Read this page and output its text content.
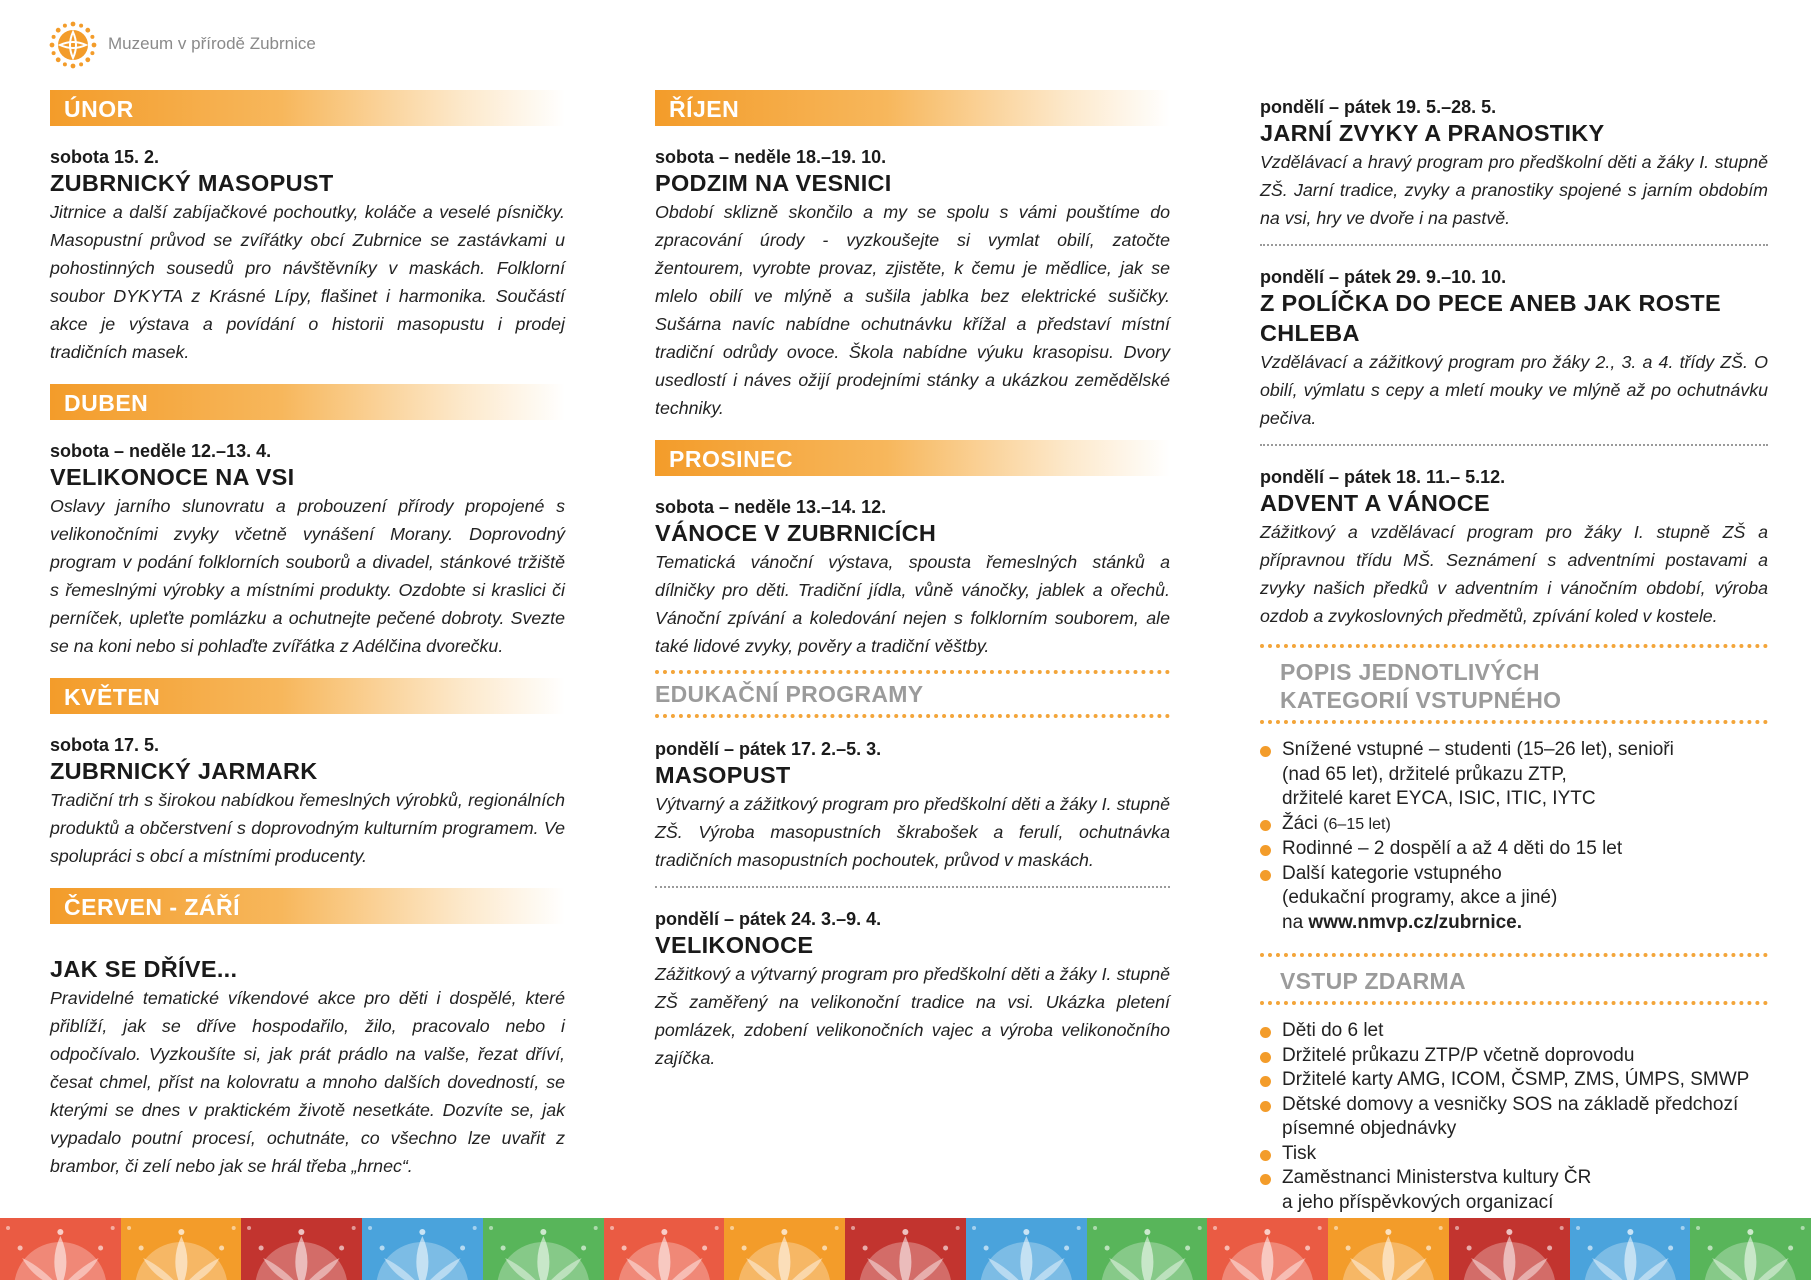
Muzeum v přírodě Zubrnice
ÚNOR
sobota 15. 2.
ZUBRNICKÝ MASOPUST
Jitrnice a další zabíjačkové pochoutky, koláče a veselé písničky. Masopustní průvod se zvířátky obcí Zubrnice se zastávkami u pohostinných sousedů pro návštěvníky v maskách. Folklorní soubor DYKYTA z Krásné Lípy, flašinet i harmonika. Součástí akce je výstava a povídání o historii masopustu i prodej tradičních masek.
DUBEN
sobota – neděle 12.–13. 4.
VELIKONOCE NA VSI
Oslavy jarního slunovratu a probouzení přírody propojené s velikonočními zvyky včetně vynášení Morany. Doprovodný program v podání folklorních souborů a divadel, stánkové tržiště s řemeslnými výrobky a místními produkty. Ozdobte si kraslici či perníček, upleťte pomlázku a ochutnejte pečené dobroty. Svezte se na koni nebo si pohlaďte zvířátka z Adélčina dvorečku.
KVĚTEN
sobota 17. 5.
ZUBRNICKÝ JARMARK
Tradiční trh s širokou nabídkou řemeslných výrobků, regionálních produktů a občerstvení s doprovodným kulturním programem. Ve spolupráci s obcí a místními producenty.
ČERVEN - ZÁŘÍ
JAK SE DŘÍVE...
Pravidelné tematické víkendové akce pro děti i dospělé, které přiblíží, jak se dříve hospodařilo, žilo, pracovalo nebo i odpočívalo. Vyzkoušíte si, jak prát prádlo na valše, řezat dříví, česat chmel, příst na kolovratu a mnoho dalších dovedností, se kterými se dnes v praktickém životě nesetkáte. Dozvíte se, jak vypadalo poutní procesí, ochutnáte, co všechno lze uvařit z brambor, či zelí nebo jak se hrál třeba „hrnec“.
ŘÍJEN
sobota – neděle 18.–19. 10.
PODZIM NA VESNICI
Období sklizně skončilo a my se spolu s vámi pouštíme do zpracování úrody - vyzkoušejte si vymlat obilí, zatočte žentourem, vyrobte provaz, zjistěte, k čemu je mědlice, jak se mlelo obilí ve mlýně a sušila jablka bez elektrické sušičky. Sušárna navíc nabídne ochutnávku křížal a představí místní tradiční odrůdy ovoce. Škola nabídne výuku krasopisu. Dvory usedlostí i náves ožijí prodejními stánky a ukázkou zemědělské techniky.
PROSINEC
sobota – neděle 13.–14. 12.
VÁNOCE V ZUBRNICÍCH
Tematická vánoční výstava, spousta řemeslných stánků a dílničky pro děti. Tradiční jídla, vůně vánočky, jablek a ořechů. Vánoční zpívání a koledování nejen s folklorním souborem, ale také lidové zvyky, pověry a tradiční věštby.
EDUKAČNÍ PROGRAMY
pondělí – pátek 17. 2.–5. 3.
MASOPUST
Výtvarný a zážitkový program pro předškolní děti a žáky I. stupně ZŠ. Výroba masopustních škrabošek a ferulí, ochutnávka tradičních masopustních pochoutek, průvod v maskách.
pondělí – pátek 24. 3.–9. 4.
VELIKONOCE
Zážitkový a výtvarný program pro předškolní děti a žáky I. stupně ZŠ zaměřený na velikonoční tradice na vsi. Ukázka pletení pomlázek, zdobení velikonočních vajec a výroba velikonočního zajíčka.
pondělí – pátek 19. 5.–28. 5.
JARNÍ ZVYKY A PRANOSTIKY
Vzdělávací a hravý program pro předškolní děti a žáky I. stupně ZŠ. Jarní tradice, zvyky a pranostiky spojené s jarním obdobím na vsi, hry ve dvoře i na pastvě.
pondělí – pátek 29. 9.–10. 10.
Z POLÍČKA DO PECE ANEB JAK ROSTE CHLEBA
Vzdělávací a zážitkový program pro žáky 2., 3. a 4. třídy ZŠ. O obilí, výmlatu s cepy a mletí mouky ve mlýně až po ochutnávku pečiva.
pondělí – pátek 18. 11.– 5.12.
ADVENT A VÁNOCE
Zážitkový a vzdělávací program pro žáky I. stupně ZŠ a přípravnou třídu MŠ. Seznámení s adventními postavami a zvyky našich předků v adventním i vánočním období, výroba ozdob a zvykoslovných předmětů, zpívání koled v kostele.
POPIS JEDNOTLIVÝCH
KATEGORIÍ VSTUPNÉHO
Snížené vstupné – studenti (15–26 let), senioři
(nad 65 let), držitelé průkazu ZTP,
držitelé karet EYCA, ISIC, ITIC, IYTC
Žáci (6–15 let)
Rodinné – 2 dospělí a až 4 děti do 15 let
Další kategorie vstupného
(edukační programy, akce a jiné)
na www.nmvp.cz/zubrnice.
VSTUP ZDARMA
Děti do 6 let
Držitelé průkazu ZTP/P včetně doprovodu
Držitelé karty AMG, ICOM, ČSMP, ZMS, ÚMPS, SMWP
Dětské domovy a vesničky SOS na základě předchozí
písemné objednávky
Tisk
Zaměstnanci Ministerstva kultury ČR
a jeho příspěvkových organizací
